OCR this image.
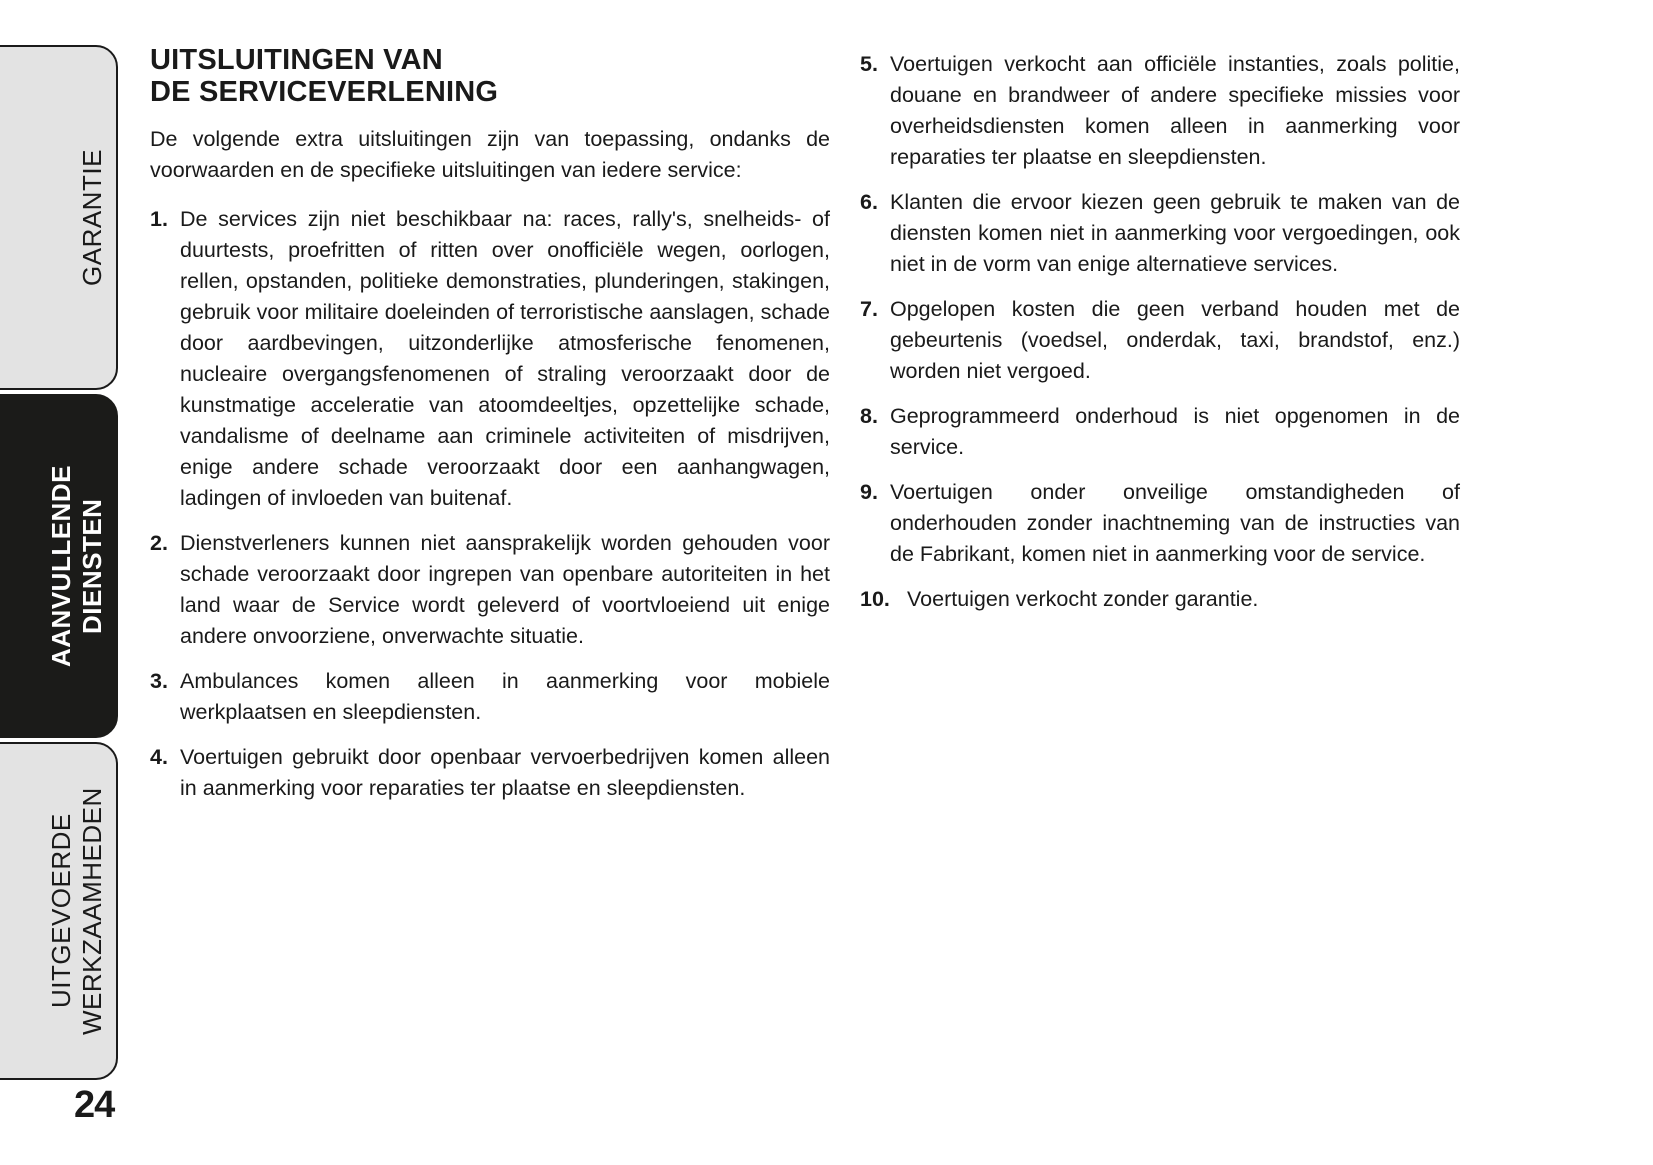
GARANTIE
AANVULLENDE DIENSTEN
UITGEVOERDE WERKZAAMHEDEN
24
UITSLUITINGEN VAN
DE SERVICEVERLENING

De volgende extra uitsluitingen zijn van toepassing, ondanks de voorwaarden en de specifieke uitsluitingen van iedere service:

1. De services zijn niet beschikbaar na: races, rally's, snelheids- of duurtests, proefritten of ritten over onofficiële wegen, oorlogen, rellen, opstanden, politieke demonstraties, plunderingen, stakingen, gebruik voor militaire doeleinden of terroristische aanslagen, schade door aardbevingen, uitzonderlijke atmosferische fenomenen, nucleaire overgangsfenomenen of straling veroorzaakt door de kunstmatige acceleratie van atoomdeeltjes, opzettelijke schade, vandalisme of deelname aan criminele activiteiten of misdrijven, enige andere schade veroorzaakt door een aanhangwagen, ladingen of invloeden van buitenaf.
2. Dienstverleners kunnen niet aansprakelijk worden gehouden voor schade veroorzaakt door ingrepen van openbare autoriteiten in het land waar de Service wordt geleverd of voortvloeiend uit enige andere onvoorziene, onverwachte situatie.
3. Ambulances komen alleen in aanmerking voor mobiele werkplaatsen en sleepdiensten.
4. Voertuigen gebruikt door openbaar vervoerbedrijven komen alleen in aanmerking voor reparaties ter plaatse en sleepdiensten.
5. Voertuigen verkocht aan officiële instanties, zoals politie, douane en brandweer of andere specifieke missies voor overheidsdiensten komen alleen in aanmerking voor reparaties ter plaatse en sleepdiensten.
6. Klanten die ervoor kiezen geen gebruik te maken van de diensten komen niet in aanmerking voor vergoedingen, ook niet in de vorm van enige alternatieve services.
7. Opgelopen kosten die geen verband houden met de gebeurtenis (voedsel, onderdak, taxi, brandstof, enz.) worden niet vergoed.
8. Geprogrammeerd onderhoud is niet opgenomen in de service.
9. Voertuigen onder onveilige omstandigheden of onderhouden zonder inachtneming van de instructies van de Fabrikant, komen niet in aanmerking voor de service.
10. Voertuigen verkocht zonder garantie.
